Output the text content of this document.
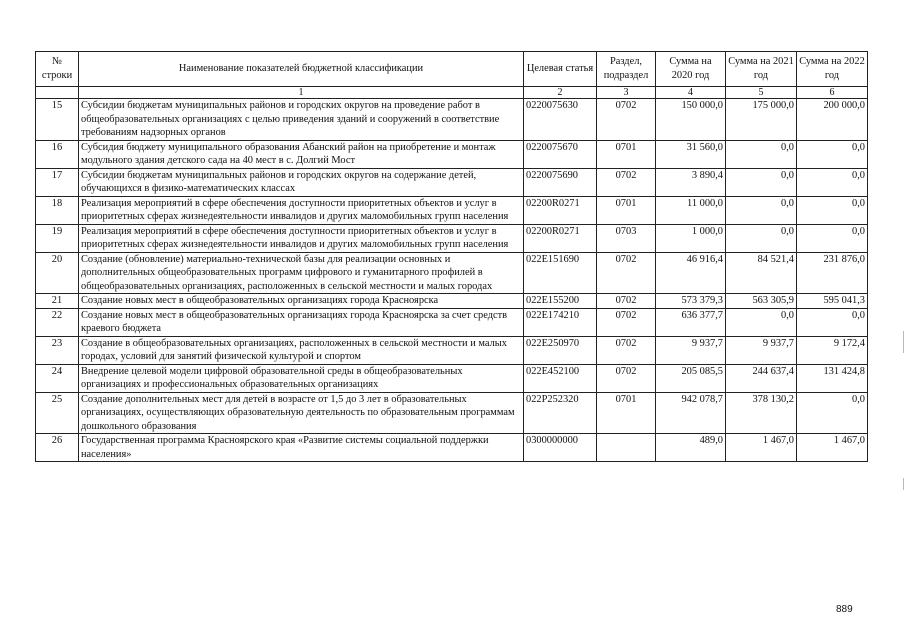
№ строки	Наименование показателей бюджетной классификации	Целевая статья	Раздел, подраздел	Сумма на 2020 год	Сумма на 2021 год	Сумма на 2022 год
	1	2	3	4	5	6
15	Субсидии бюджетам муниципальных районов и городских округов на проведение работ в общеобразовательных организациях с целью приведения зданий и сооружений в соответствие требованиям надзорных органов	0220075630	0702	150 000,0	175 000,0	200 000,0
16	Субсидия бюджету муниципального образования Абанский район на приобретение и монтаж модульного здания детского сада на 40 мест в с. Долгий Мост	0220075670	0701	31 560,0	0,0	0,0
17	Субсидии бюджетам муниципальных районов и городских округов на содержание детей, обучающихся в физико-математических классах	0220075690	0702	3 890,4	0,0	0,0
18	Реализация мероприятий в сфере обеспечения доступности приоритетных объектов и услуг в приоритетных сферах жизнедеятельности инвалидов и других маломобильных групп населения	02200R0271	0701	11 000,0	0,0	0,0
19	Реализация мероприятий в сфере обеспечения доступности приоритетных объектов и услуг в приоритетных сферах жизнедеятельности инвалидов и других маломобильных групп населения	02200R0271	0703	1 000,0	0,0	0,0
20	Создание (обновление) материально-технической базы для реализации основных и дополнительных общеобразовательных программ цифрового и гуманитарного профилей в общеобразовательных организациях, расположенных в сельской местности и малых городах	022E151690	0702	46 916,4	84 521,4	231 876,0
21	Создание новых мест в общеобразовательных организациях города Красноярска	022E155200	0702	573 379,3	563 305,9	595 041,3
22	Создание новых мест в общеобразовательных организациях города Красноярска за счет средств краевого бюджета	022E174210	0702	636 377,7	0,0	0,0
23	Создание в общеобразовательных организациях, расположенных в сельской местности и малых городах, условий для занятий физической культурой и спортом	022E250970	0702	9 937,7	9 937,7	9 172,4
24	Внедрение целевой модели цифровой образовательной среды в общеобразовательных организациях и профессиональных образовательных организациях	022E452100	0702	205 085,5	244 637,4	131 424,8
25	Создание дополнительных мест для детей в возрасте от 1,5 до 3 лет в образовательных организациях, осуществляющих образовательную деятельность по образовательным программам дошкольного образования	022P252320	0701	942 078,7	378 130,2	0,0
26	Государственная программа Красноярского края «Развитие системы социальной поддержки населения»	0300000000		489,0	1 467,0	1 467,0
889
